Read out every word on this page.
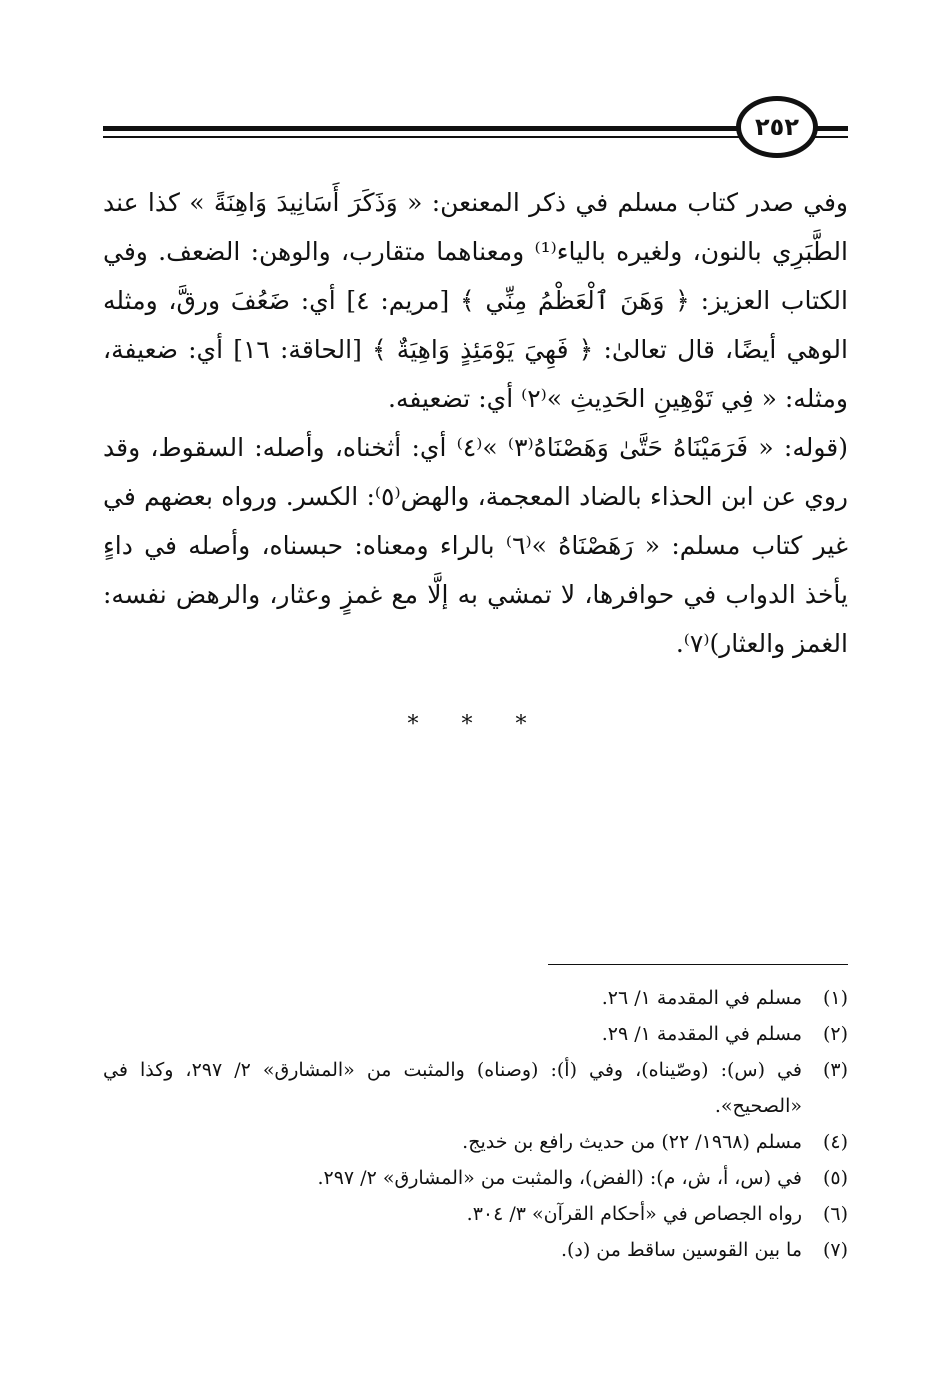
٢٥٢

وفي صدر كتاب مسلم في ذكر المعنعن: « وَذَكَرَ أَسَانِيدَ وَاهِنَةً » كذا عند الطَّبَرِي بالنون، ولغيره بالياء⁽¹⁾ ومعناهما متقارب، والوهن: الضعف. وفي الكتاب العزيز: ﴿ وَهَنَ ٱلْعَظْمُ مِنِّي ﴾ [مريم: ٤] أي: ضَعُفَ ورقَّ، ومثله الوهي أيضًا، قال تعالىٰ: ﴿ فَهِيَ يَوْمَئِذٍ وَاهِيَةٌ ﴾ [الحاقة: ١٦] أي: ضعيفة، ومثله: « فِي تَوْهِينِ الحَدِيثِ »⁽٢⁾ أي: تضعيفه.

(قوله: « فَرَمَيْنَاهُ حَتَّىٰ وَهَصْنَاهُ⁽٣⁾ »⁽٤⁾ أي: أثخناه، وأصله: السقوط، وقد روي عن ابن الحذاء بالضاد المعجمة، والهض⁽٥⁾: الكسر. ورواه بعضهم في غير كتاب مسلم: « رَهَصْنَاهُ »⁽٦⁾ بالراء ومعناه: حبسناه، وأصله في داءٍ يأخذ الدواب في حوافرها، لا تمشي به إلَّا مع غمزٍ وعثار، والرهض نفسه: الغمز والعثار)⁽٧⁾.

* * *
(١)
مسلم في المقدمة ١/ ٢٦.
(٢)
مسلم في المقدمة ١/ ٢٩.
(٣)
في (س): (وصّيناه)، وفي (أ): (وصناه) والمثبت من «المشارق» ٢/ ٢٩٧، وكذا في «الصحيح».
(٤)
مسلم (١٩٦٨/ ٢٢) من حديث رافع بن خديج.
(٥)
في (س، أ، ش، م): (الفض)، والمثبت من «المشارق» ٢/ ٢٩٧.
(٦)
رواه الجصاص في «أحكام القرآن» ٣/ ٣٠٤.
(٧)
ما بين القوسين ساقط من (د).
